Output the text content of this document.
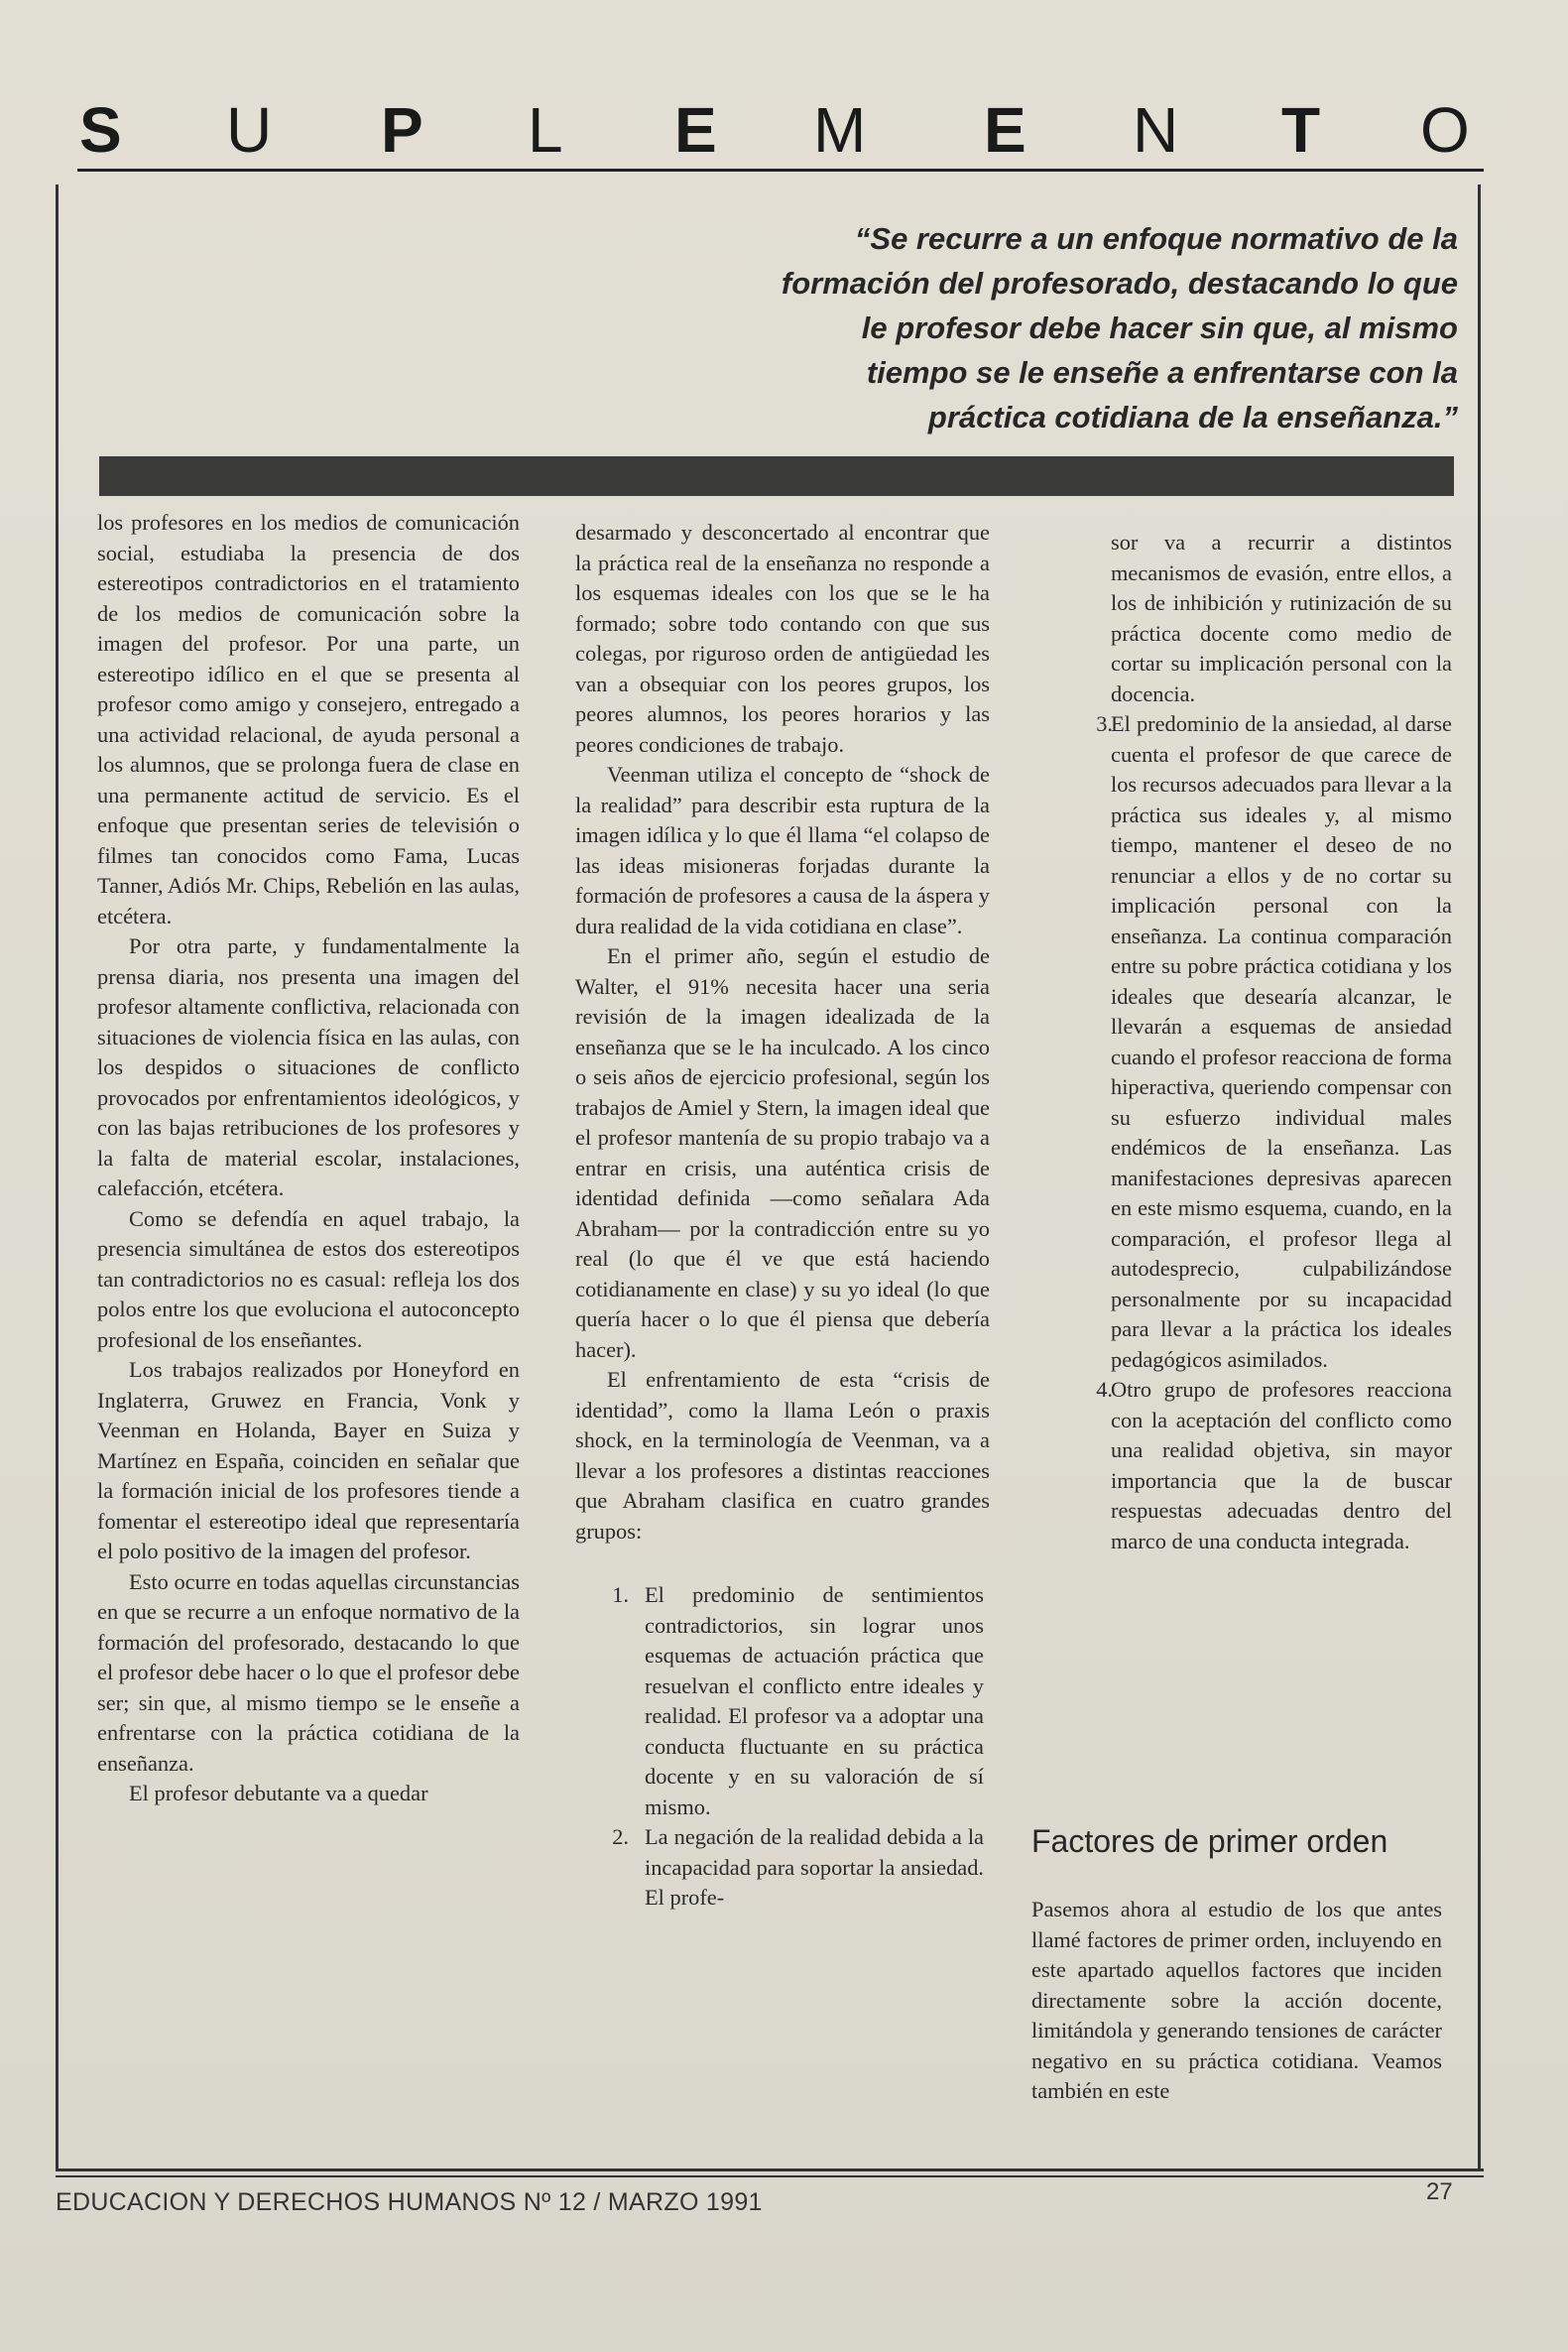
S U P L E M E N T O
“Se recurre a un enfoque normativo de la
formación del profesorado, destacando lo que
le profesor debe hacer sin que, al mismo
tiempo se le enseñe a enfrentarse con la
práctica cotidiana de la enseñanza.”

los profesores en los medios de comunicación social, estudiaba la presencia de dos estereotipos contradictorios en el tratamiento de los medios de comunicación sobre la imagen del profesor. Por una parte, un estereotipo idílico en el que se presenta al profesor como amigo y consejero, entregado a una actividad relacional, de ayuda personal a los alumnos, que se prolonga fuera de clase en una permanente actitud de servicio. Es el enfoque que presentan series de televisión o filmes tan conocidos como Fama, Lucas Tanner, Adiós Mr. Chips, Rebelión en las aulas, etcétera.

Por otra parte, y fundamentalmente la prensa diaria, nos presenta una imagen del profesor altamente conflictiva, relacionada con situaciones de violencia física en las aulas, con los despidos o situaciones de conflicto provocados por enfrentamientos ideológicos, y con las bajas retribuciones de los profesores y la falta de material escolar, instalaciones, calefacción, etcétera.

Como se defendía en aquel trabajo, la presencia simultánea de estos dos estereotipos tan contradictorios no es casual: refleja los dos polos entre los que evoluciona el autoconcepto profesional de los enseñantes.

Los trabajos realizados por Honeyford en Inglaterra, Gruwez en Francia, Vonk y Veenman en Holanda, Bayer en Suiza y Martínez en España, coinciden en señalar que la formación inicial de los profesores tiende a fomentar el estereotipo ideal que representaría el polo positivo de la imagen del profesor.

Esto ocurre en todas aquellas circunstancias en que se recurre a un enfoque normativo de la formación del profesorado, destacando lo que el profesor debe hacer o lo que el profesor debe ser; sin que, al mismo tiempo se le enseñe a enfrentarse con la práctica cotidiana de la enseñanza.

El profesor debutante va a quedar

desarmado y desconcertado al encontrar que la práctica real de la enseñanza no responde a los esquemas ideales con los que se le ha formado; sobre todo contando con que sus colegas, por riguroso orden de antigüedad les van a obsequiar con los peores grupos, los peores alumnos, los peores horarios y las peores condiciones de trabajo.

Veenman utiliza el concepto de “shock de la realidad” para describir esta ruptura de la imagen idílica y lo que él llama “el colapso de las ideas misioneras forjadas durante la formación de profesores a causa de la áspera y dura realidad de la vida cotidiana en clase”.

En el primer año, según el estudio de Walter, el 91% necesita hacer una seria revisión de la imagen idealizada de la enseñanza que se le ha inculcado. A los cinco o seis años de ejercicio profesional, según los trabajos de Amiel y Stern, la imagen ideal que el profesor mantenía de su propio trabajo va a entrar en crisis, una auténtica crisis de identidad definida —como señalara Ada Abraham— por la contradicción entre su yo real (lo que él ve que está haciendo cotidianamente en clase) y su yo ideal (lo que quería hacer o lo que él piensa que debería hacer).

El enfrentamiento de esta “crisis de identidad”, como la llama León o praxis shock, en la terminología de Veenman, va a llevar a los profesores a distintas reacciones que Abraham clasifica en cuatro grandes grupos:

1. El predominio de sentimientos contradictorios, sin lograr unos esquemas de actuación práctica que resuelvan el conflicto entre ideales y realidad. El profesor va a adoptar una conducta fluctuante en su práctica docente y en su valoración de sí mismo.
2. La negación de la realidad debida a la incapacidad para soportar la ansiedad. El profe-

sor va a recurrir a distintos mecanismos de evasión, entre ellos, a los de inhibición y rutinización de su práctica docente como medio de cortar su implicación personal con la docencia.

3.
El predominio de la ansiedad, al darse cuenta el profesor de que carece de los recursos adecuados para llevar a la práctica sus ideales y, al mismo tiempo, mantener el deseo de no renunciar a ellos y de no cortar su implicación personal con la enseñanza. La continua comparación entre su pobre práctica cotidiana y los ideales que desearía alcanzar, le llevarán a esquemas de ansiedad cuando el profesor reacciona de forma hiperactiva, queriendo compensar con su esfuerzo individual males endémicos de la enseñanza. Las manifestaciones depresivas aparecen en este mismo esquema, cuando, en la comparación, el profesor llega al autodesprecio, culpabilizándose personalmente por su incapacidad para llevar a la práctica los ideales pedagógicos asimilados.
4.
Otro grupo de profesores reacciona con la aceptación del conflicto como una realidad objetiva, sin mayor importancia que la de buscar respuestas adecuadas dentro del marco de una conducta integrada.
Factores de primer orden

Pasemos ahora al estudio de los que antes llamé factores de primer orden, incluyendo en este apartado aquellos factores que inciden directamente sobre la acción docente, limitándola y generando tensiones de carácter negativo en su práctica cotidiana. Veamos también en este

EDUCACION Y DERECHOS HUMANOS Nº 12 / MARZO 1991	27
